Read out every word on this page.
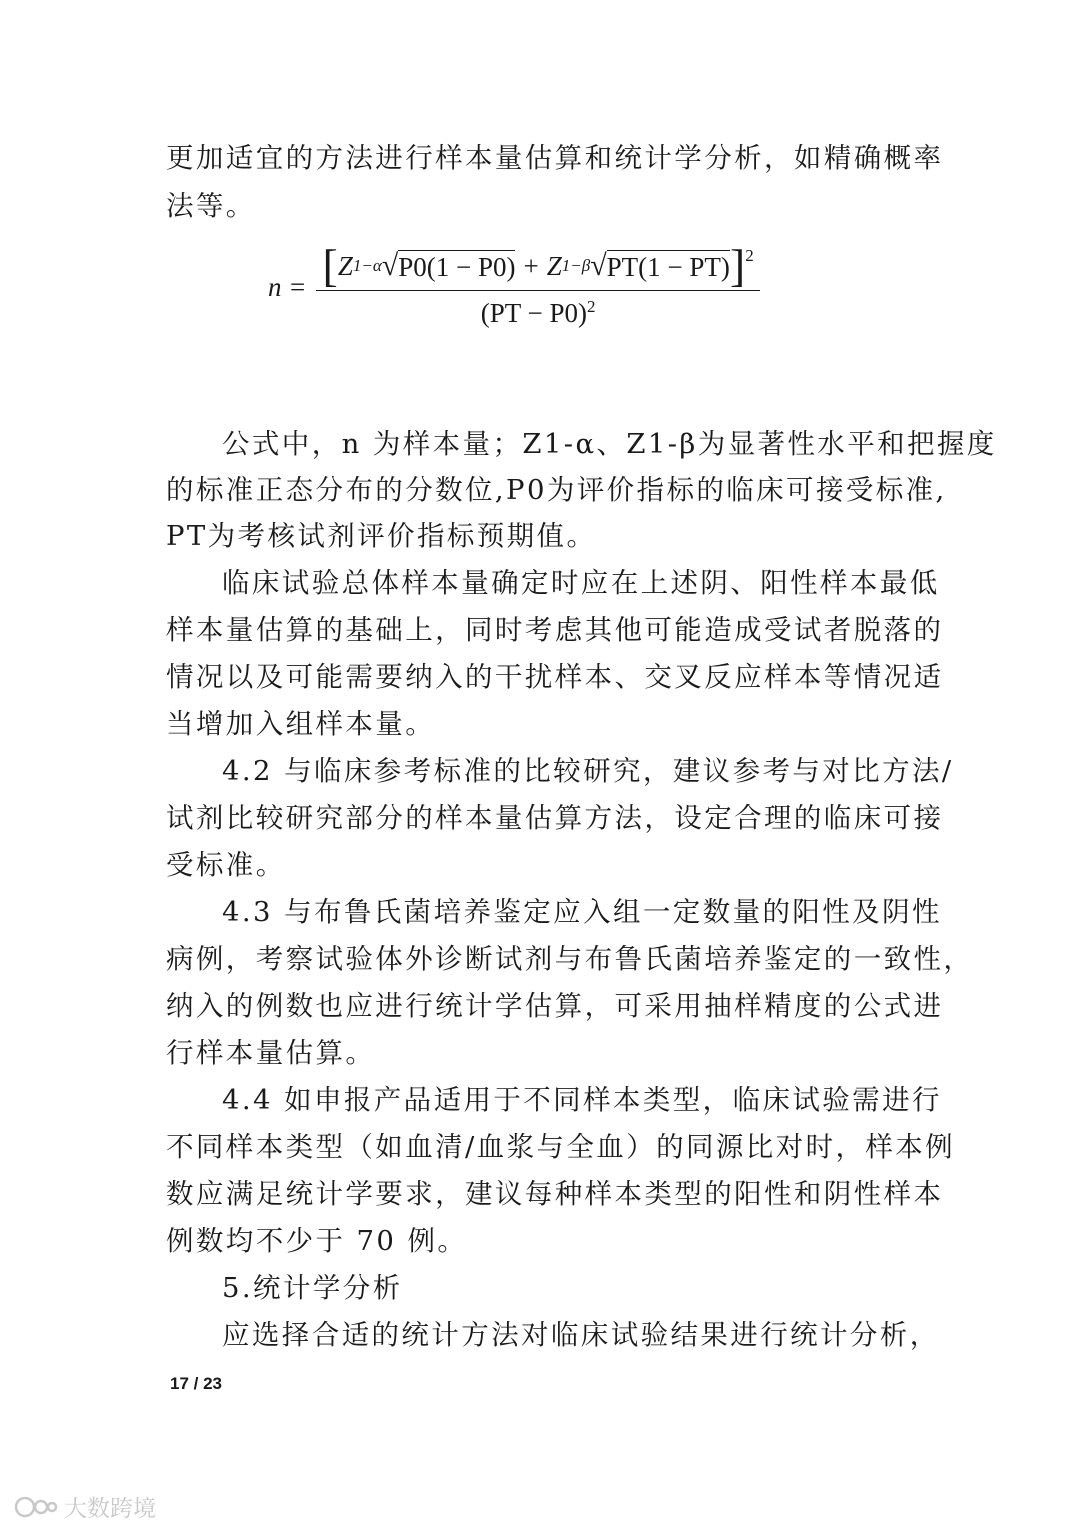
更加适宜的方法进行样本量估算和统计学分析，如精确概率

法等。

n = [ Z 1−α √ P0(1 − P0) + Z 1−β √ PT(1 − PT) ]$^2$
(PT − P0)$^2$

公式中，n 为样本量；Z1-α、Z1-β为显著性水平和把握度

的标准正态分布的分数位,P0为评价指标的临床可接受标准,

PT为考核试剂评价指标预期值。

临床试验总体样本量确定时应在上述阴、阳性样本最低

样本量估算的基础上，同时考虑其他可能造成受试者脱落的

情况以及可能需要纳入的干扰样本、交叉反应样本等情况适

当增加入组样本量。

4.2 与临床参考标准的比较研究，建议参考与对比方法/

试剂比较研究部分的样本量估算方法，设定合理的临床可接

受标准。

4.3 与布鲁氏菌培养鉴定应入组一定数量的阳性及阴性

病例，考察试验体外诊断试剂与布鲁氏菌培养鉴定的一致性，

纳入的例数也应进行统计学估算，可采用抽样精度的公式进

行样本量估算。

4.4 如申报产品适用于不同样本类型，临床试验需进行

不同样本类型（如血清/血浆与全血）的同源比对时，样本例

数应满足统计学要求，建议每种样本类型的阳性和阴性样本

例数均不少于 70 例。

5.统计学分析

应选择合适的统计方法对临床试验结果进行统计分析，

17 / 23
大数跨境
